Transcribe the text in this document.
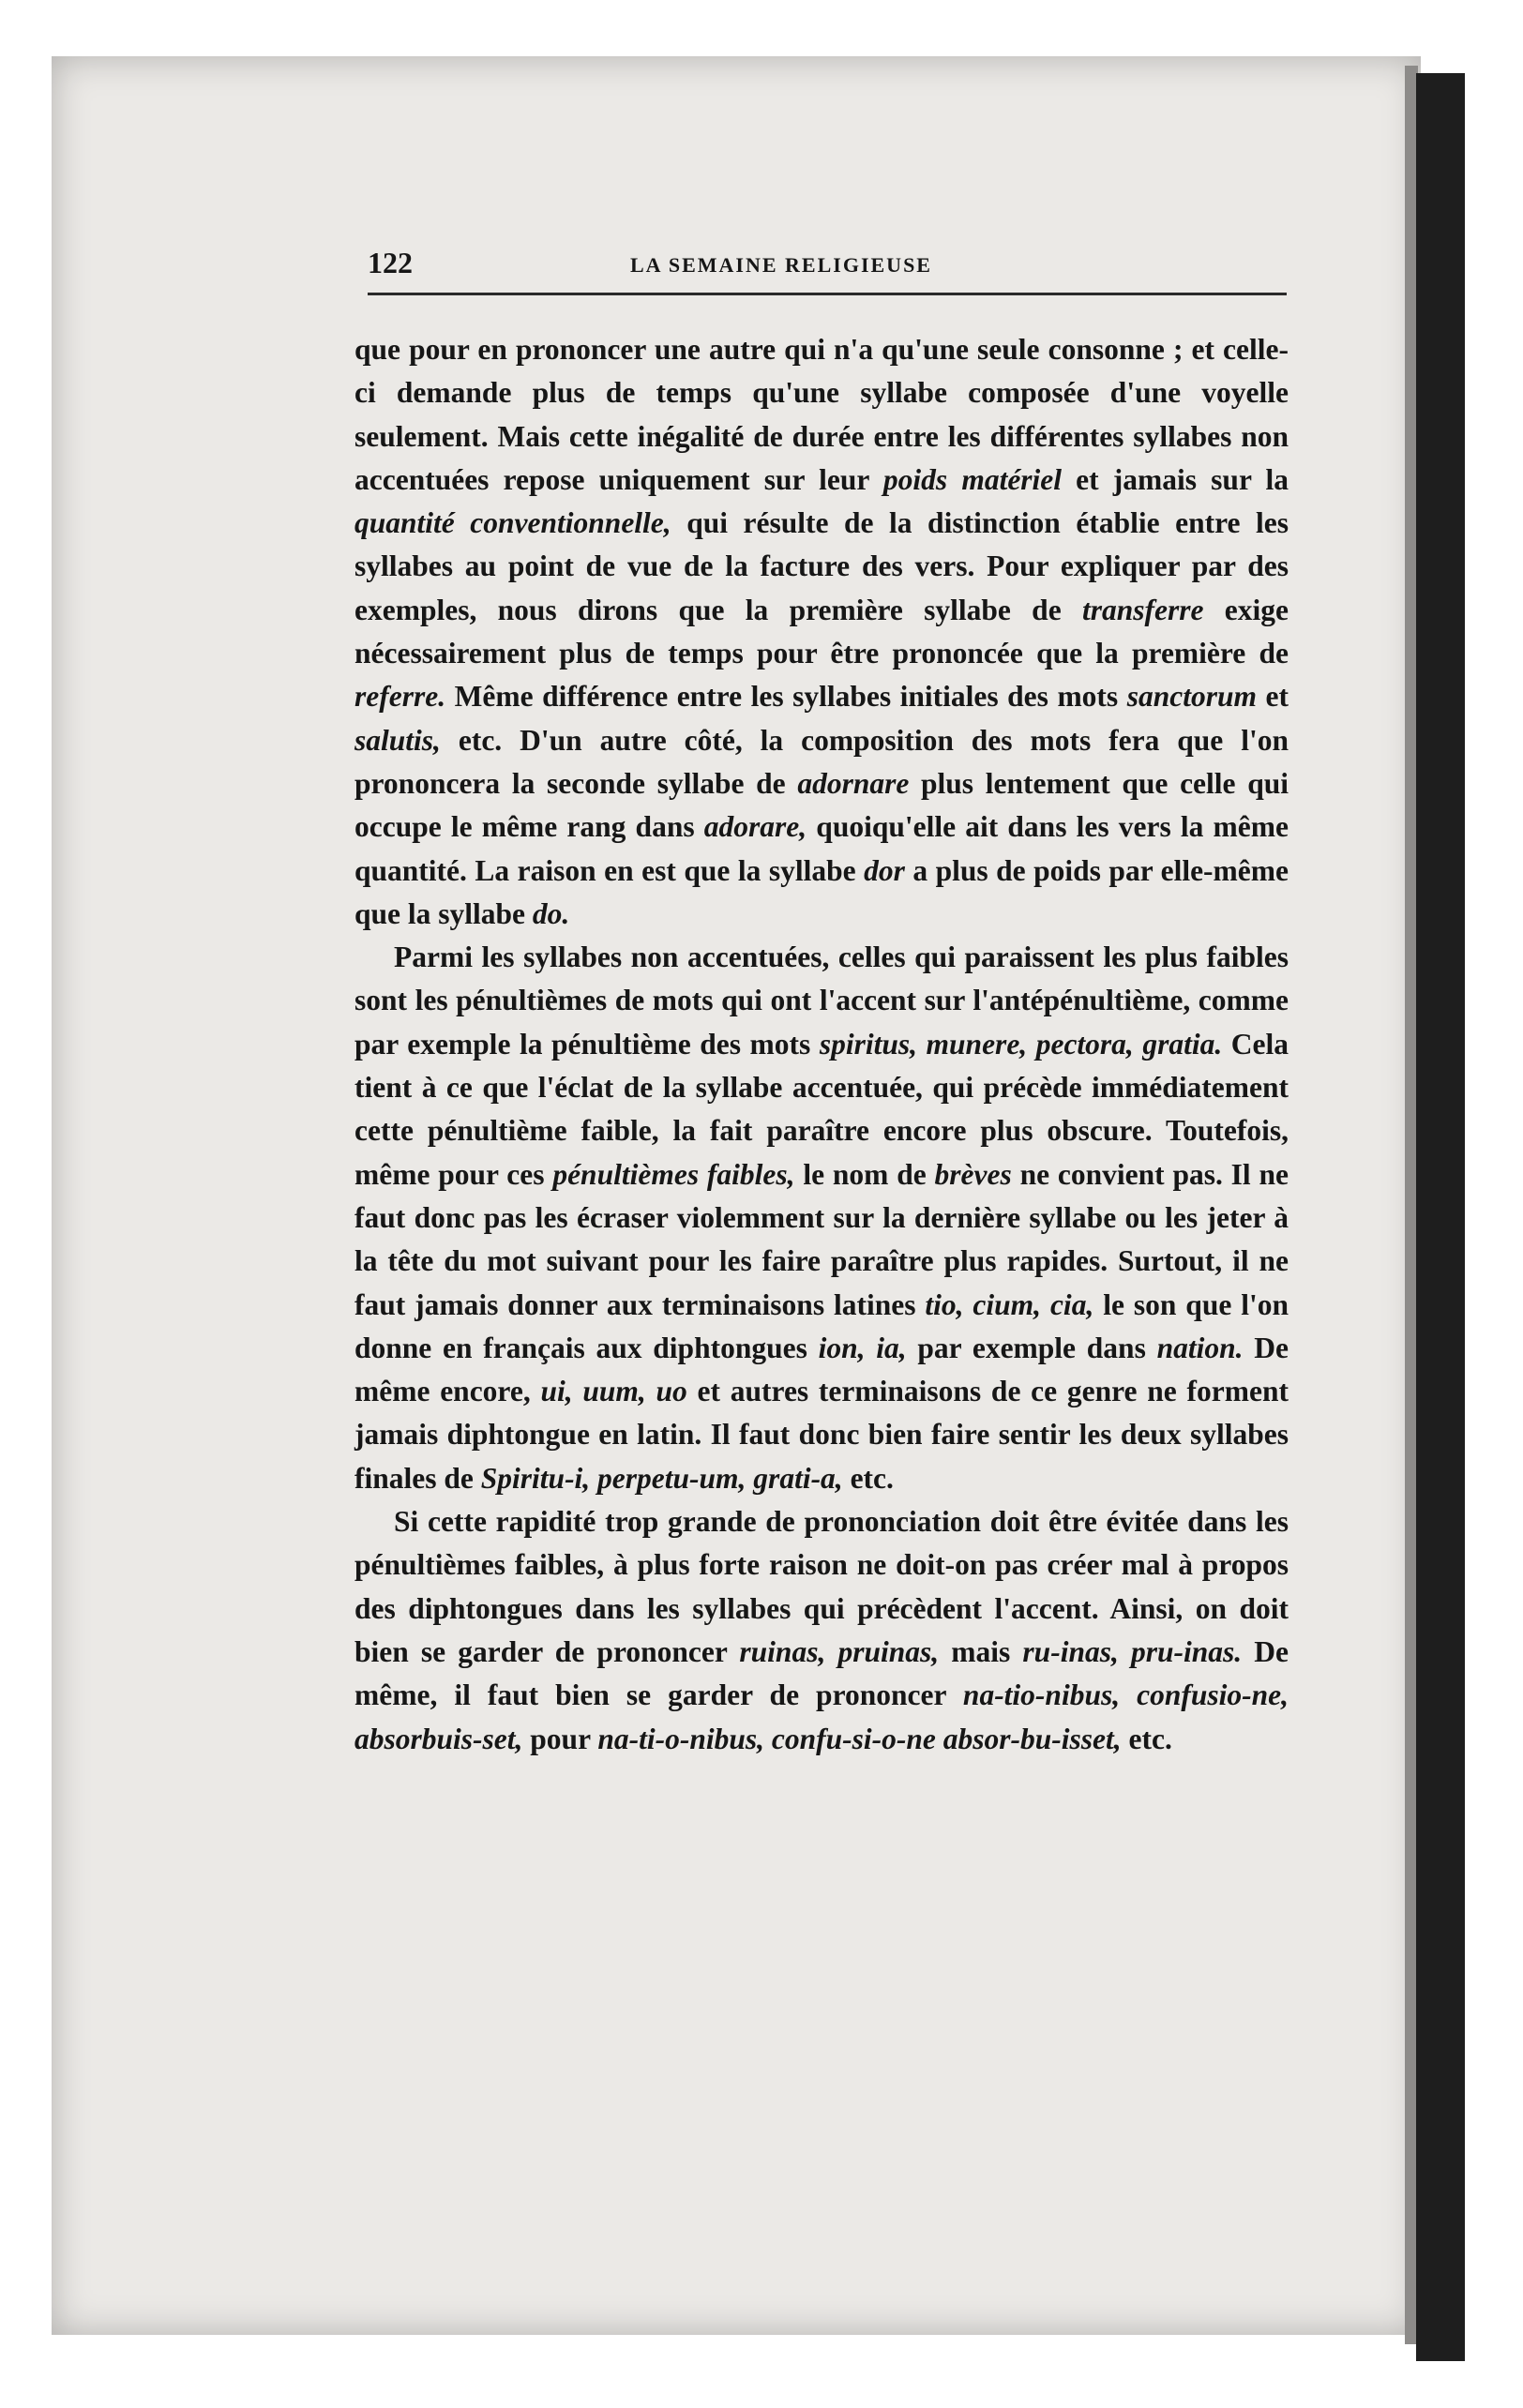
122	LA SEMAINE RELIGIEUSE

que pour en prononcer une autre qui n'a qu'une seule consonne ; et celle-ci demande plus de temps qu'une syllabe composée d'une voyelle seulement. Mais cette inégalité de durée entre les différentes syllabes non accentuées repose uniquement sur leur poids matériel et jamais sur la quantité conventionnelle, qui résulte de la distinction établie entre les syllabes au point de vue de la facture des vers. Pour expliquer par des exemples, nous dirons que la première syllabe de transferre exige nécessairement plus de temps pour être prononcée que la première de referre. Même différence entre les syllabes initiales des mots sanctorum et salutis, etc. D'un autre côté, la composition des mots fera que l'on prononcera la seconde syllabe de adornare plus lentement que celle qui occupe le même rang dans adorare, quoiqu'elle ait dans les vers la même quantité. La raison en est que la syllabe dor a plus de poids par elle-même que la syllabe do.

Parmi les syllabes non accentuées, celles qui paraissent les plus faibles sont les pénultièmes de mots qui ont l'accent sur l'antépénultième, comme par exemple la pénultième des mots spiritus, munere, pectora, gratia. Cela tient à ce que l'éclat de la syllabe accentuée, qui précède immédiatement cette pénultième faible, la fait paraître encore plus obscure. Toutefois, même pour ces pénultièmes faibles, le nom de brèves ne convient pas. Il ne faut donc pas les écraser violemment sur la dernière syllabe ou les jeter à la tête du mot suivant pour les faire paraître plus rapides. Surtout, il ne faut jamais donner aux terminaisons latines tio, cium, cia, le son que l'on donne en français aux diphtongues ion, ia, par exemple dans nation. De même encore, ui, uum, uo et autres terminaisons de ce genre ne forment jamais diphtongue en latin. Il faut donc bien faire sentir les deux syllabes finales de Spiritu-i, perpetu-um, grati-a, etc.

Si cette rapidité trop grande de prononciation doit être évitée dans les pénultièmes faibles, à plus forte raison ne doit-on pas créer mal à propos des diphtongues dans les syllabes qui précèdent l'accent. Ainsi, on doit bien se garder de prononcer ruinas, pruinas, mais ru-inas, pru-inas. De même, il faut bien se garder de prononcer na-tio-nibus, confusio-ne, absorbuis-set, pour na-ti-o-nibus, confu-si-o-ne absor-bu-isset, etc.
